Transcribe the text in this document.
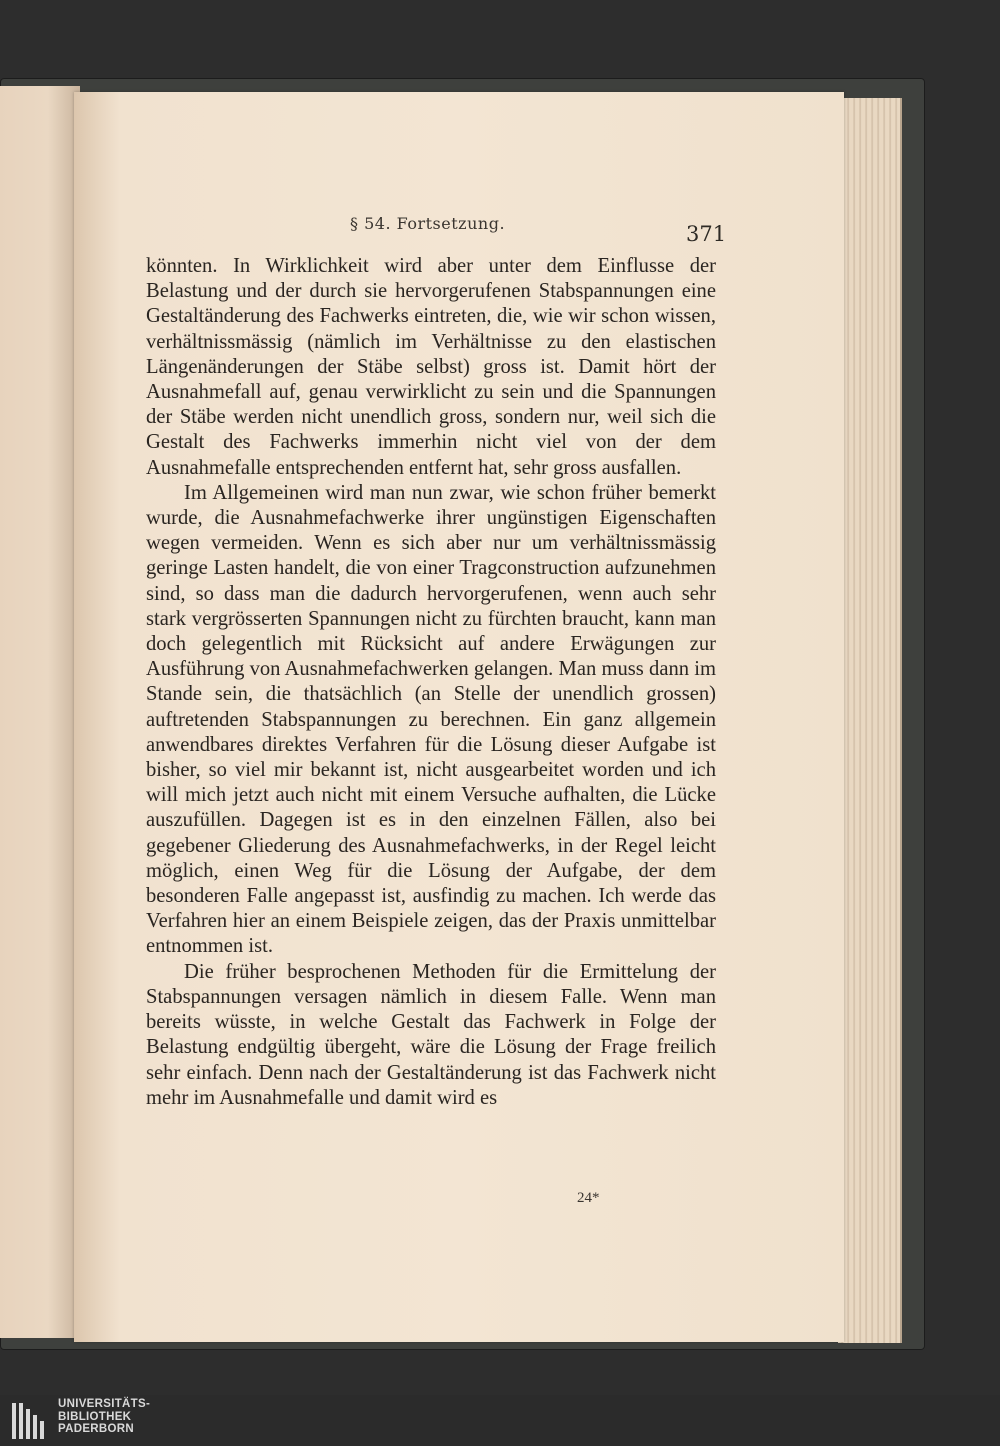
§ 54. Fortsetzung.	371

könnten. In Wirklichkeit wird aber unter dem Einflusse der Belastung und der durch sie hervorgerufenen Stabspannungen eine Gestaltänderung des Fachwerks eintreten, die, wie wir schon wissen, verhältnissmässig (nämlich im Verhältnisse zu den elastischen Längenänderungen der Stäbe selbst) gross ist. Damit hört der Ausnahmefall auf, genau verwirklicht zu sein und die Spannungen der Stäbe werden nicht unendlich gross, sondern nur, weil sich die Gestalt des Fachwerks immerhin nicht viel von der dem Ausnahmefalle entsprechenden entfernt hat, sehr gross ausfallen.

Im Allgemeinen wird man nun zwar, wie schon früher bemerkt wurde, die Ausnahmefachwerke ihrer ungünstigen Eigenschaften wegen vermeiden. Wenn es sich aber nur um verhältnissmässig geringe Lasten handelt, die von einer Tragconstruction aufzunehmen sind, so dass man die dadurch hervorgerufenen, wenn auch sehr stark vergrösserten Spannungen nicht zu fürchten braucht, kann man doch gelegentlich mit Rücksicht auf andere Erwägungen zur Ausführung von Ausnahmefachwerken gelangen. Man muss dann im Stande sein, die thatsächlich (an Stelle der unendlich grossen) auftretenden Stabspannungen zu berechnen. Ein ganz allgemein anwendbares direktes Verfahren für die Lösung dieser Aufgabe ist bisher, so viel mir bekannt ist, nicht ausgearbeitet worden und ich will mich jetzt auch nicht mit einem Versuche aufhalten, die Lücke auszufüllen. Dagegen ist es in den einzelnen Fällen, also bei gegebener Gliederung des Ausnahmefachwerks, in der Regel leicht möglich, einen Weg für die Lösung der Aufgabe, der dem besonderen Falle angepasst ist, ausfindig zu machen. Ich werde das Verfahren hier an einem Beispiele zeigen, das der Praxis unmittelbar entnommen ist.

Die früher besprochenen Methoden für die Ermittelung der Stabspannungen versagen nämlich in diesem Falle. Wenn man bereits wüsste, in welche Gestalt das Fachwerk in Folge der Belastung endgültig übergeht, wäre die Lösung der Frage freilich sehr einfach. Denn nach der Gestaltänderung ist das Fachwerk nicht mehr im Ausnahmefalle und damit wird es

24*
UNIVERSITÄTS-
BIBLIOTHEK
PADERBORN
